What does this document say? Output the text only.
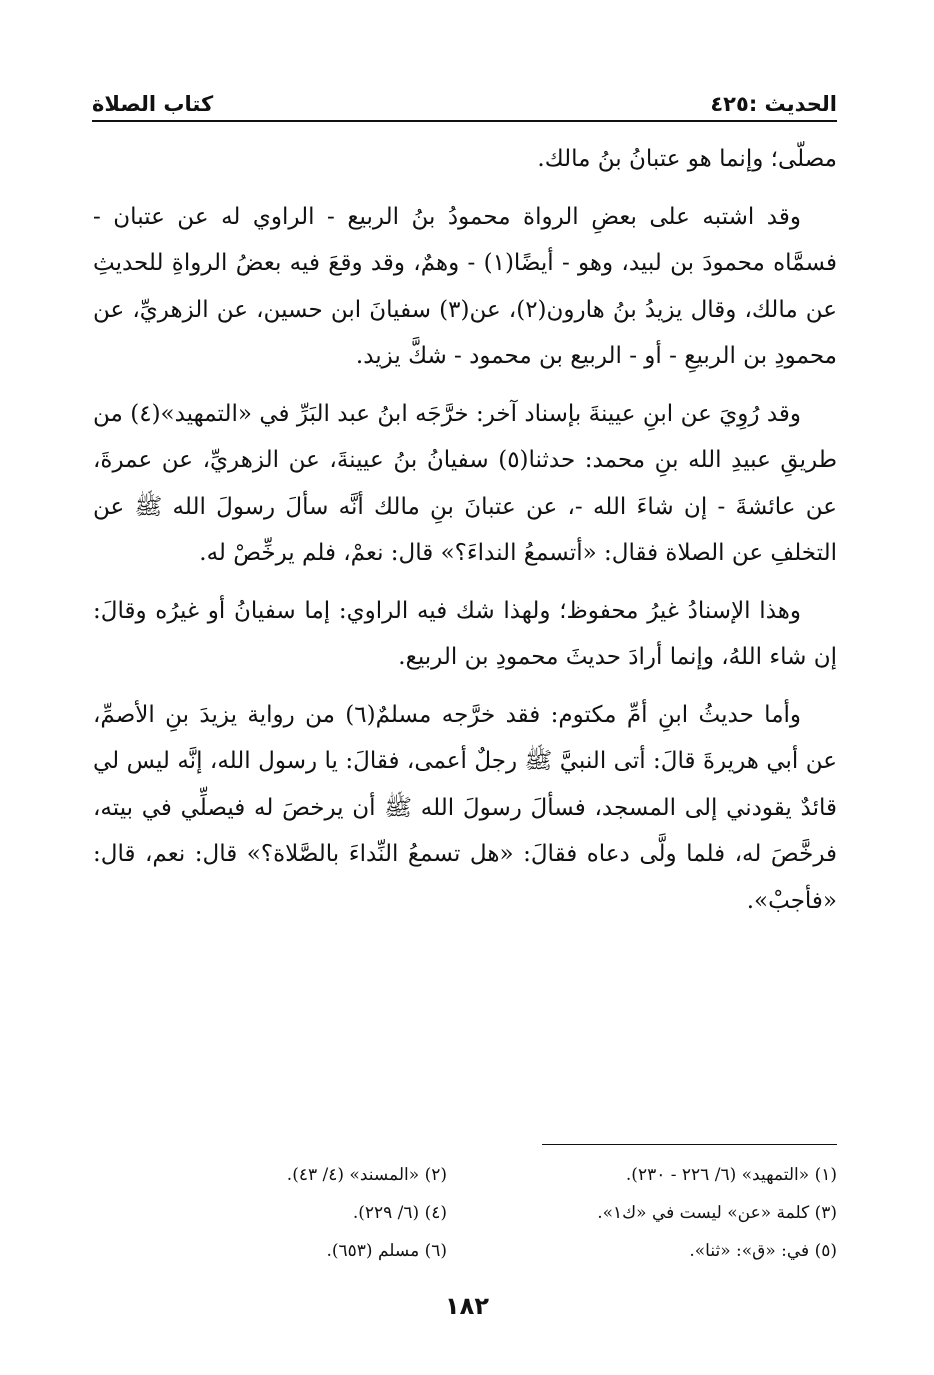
الحديث :٤٢٥
كتاب الصلاة

مصلّى؛ وإنما هو عتبانُ بنُ مالك.

وقد اشتبه على بعضِ الرواة محمودُ بنُ الربيع - الراوي له عن عتبان - فسمَّاه محمودَ بن لبيد، وهو - أيضًا(١) - وهمٌ، وقد وقعَ فيه بعضُ الرواةِ للحديثِ عن مالك، وقال يزيدُ بنُ هارون(٢)، عن(٣) سفيانَ ابن حسين، عن الزهريِّ، عن محمودِ بن الربيعِ - أو - الربيع بن محمود - شكَّ يزيد.

وقد رُوِيَ عن ابنِ عيينةَ بإسناد آخر: خرَّجَه ابنُ عبد البَرِّ في «التمهيد»(٤) من طريقِ عبيدِ الله بنِ محمد: حدثنا(٥) سفيانُ بنُ عيينةَ، عن الزهريِّ، عن عمرةَ، عن عائشةَ - إن شاءَ الله -، عن عتبانَ بنِ مالك أنَّه سألَ رسولَ الله ﷺ عن التخلفِ عن الصلاة فقال: «أتسمعُ النداءَ؟» قال: نعمْ، فلم يرخِّصْ له.

وهذا الإسنادُ غيرُ محفوظ؛ ولهذا شك فيه الراوي: إما سفيانُ أو غيرُه وقالَ: إن شاء اللهُ، وإنما أرادَ حديثَ محمودِ بن الربيع.

وأما حديثُ ابنِ أمِّ مكتوم: فقد خرَّجه مسلمٌ(٦) من رواية يزيدَ بنِ الأصمِّ، عن أبي هريرةَ قالَ: أتى النبيَّ ﷺ رجلٌ أعمى، فقالَ: يا رسول الله، إنَّه ليس لي قائدٌ يقودني إلى المسجد، فسألَ رسولَ الله ﷺ أن يرخصَ له فيصلِّي في بيته، فرخَّصَ له، فلما ولَّى دعاه فقالَ: «هل تسمعُ النِّداءَ بالصَّلاة؟» قال: نعم، قال: «فأجبْ».

(١) «التمهيد» (٦/ ٢٢٦ - ٢٣٠).
(٢) «المسند» (٤/ ٤٣).
(٣) كلمة «عن» ليست في «ك١».
(٤) (٦/ ٢٢٩).
(٥) في: «ق»: «ثنا».
(٦) مسلم (٦٥٣).
١٨٢
